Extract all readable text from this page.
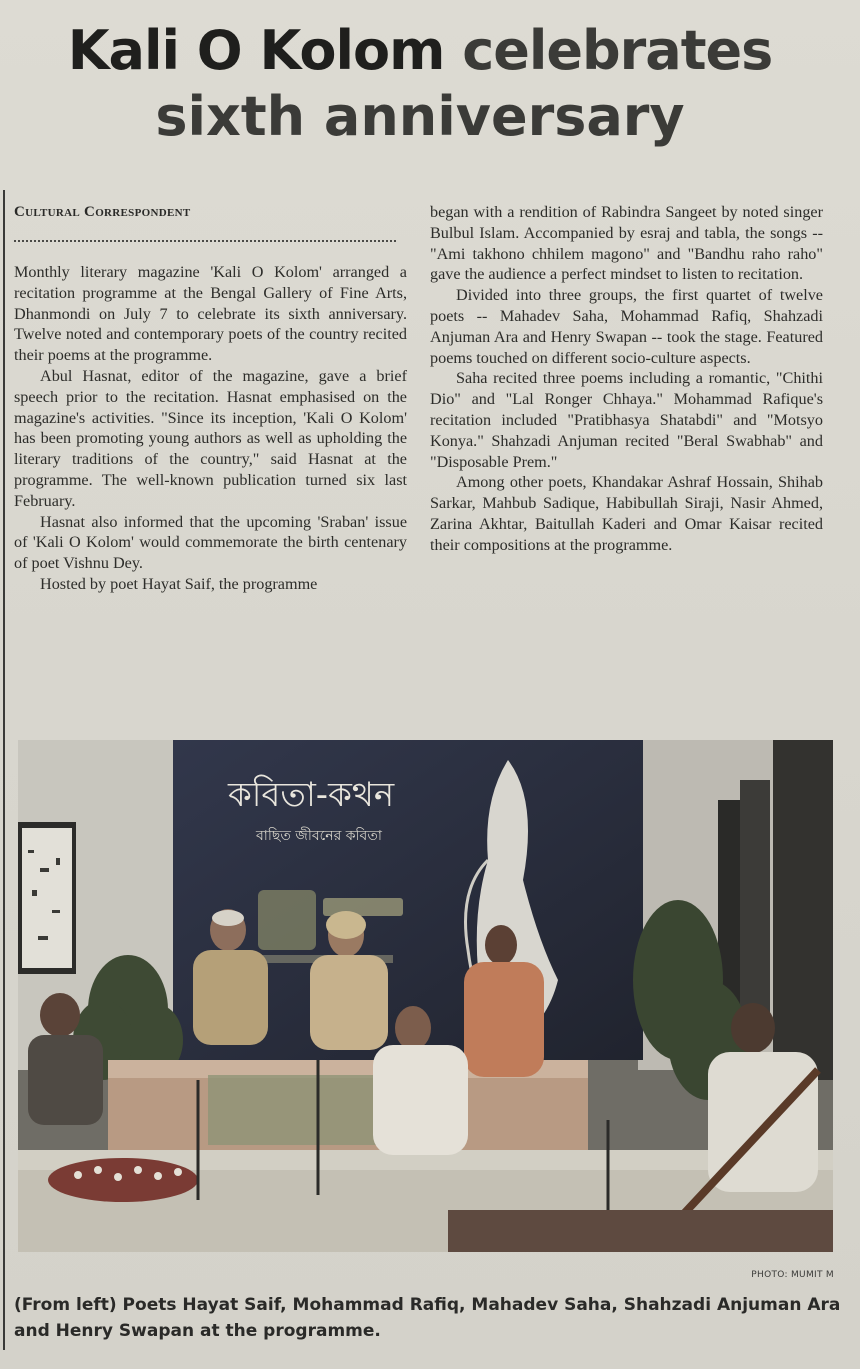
Kali O Kolom celebrates
sixth anniversary
Cultural Correspondent

Monthly literary magazine 'Kali O Kolom' arranged a recitation programme at the Bengal Gallery of Fine Arts, Dhanmondi on July 7 to celebrate its sixth anniversary. Twelve noted and contemporary poets of the country recited their poems at the programme.

Abul Hasnat, editor of the magazine, gave a brief speech prior to the recitation. Hasnat emphasised on the magazine's activities. "Since its inception, 'Kali O Kolom' has been promoting young authors as well as upholding the literary traditions of the country," said Hasnat at the programme. The well-known publication turned six last February.

Hasnat also informed that the upcoming 'Sraban' issue of 'Kali O Kolom' would commemorate the birth centenary of poet Vishnu Dey.

Hosted by poet Hayat Saif, the programme

began with a rendition of Rabindra Sangeet by noted singer Bulbul Islam. Accompanied by esraj and tabla, the songs -- "Ami takhono chhilem magono" and "Bandhu raho raho" gave the audience a perfect mindset to listen to recitation.

Divided into three groups, the first quartet of twelve poets -- Mahadev Saha, Mohammad Rafiq, Shahzadi Anjuman Ara and Henry Swapan -- took the stage. Featured poems touched on different socio-culture aspects.

Saha recited three poems including a romantic, "Chithi Dio" and "Lal Ronger Chhaya." Mohammad Rafique's recitation included "Pratibhasya Shatabdi" and "Motsyo Konya." Shahzadi Anjuman recited "Beral Swabhab" and "Disposable Prem."

Among other poets, Khandakar Ashraf Hossain, Shihab Sarkar, Mahbub Sadique, Habibullah Siraji, Nasir Ahmed, Zarina Akhtar, Baitullah Kaderi and Omar Kaisar recited their compositions at the programme.

কবিতা-কথন
বাছিত জীবনের কবিতা
PHOTO: MUMIT M
(From left) Poets Hayat Saif, Mohammad Rafiq, Mahadev Saha, Shahzadi Anjuman Ara and Henry Swapan at the programme.
